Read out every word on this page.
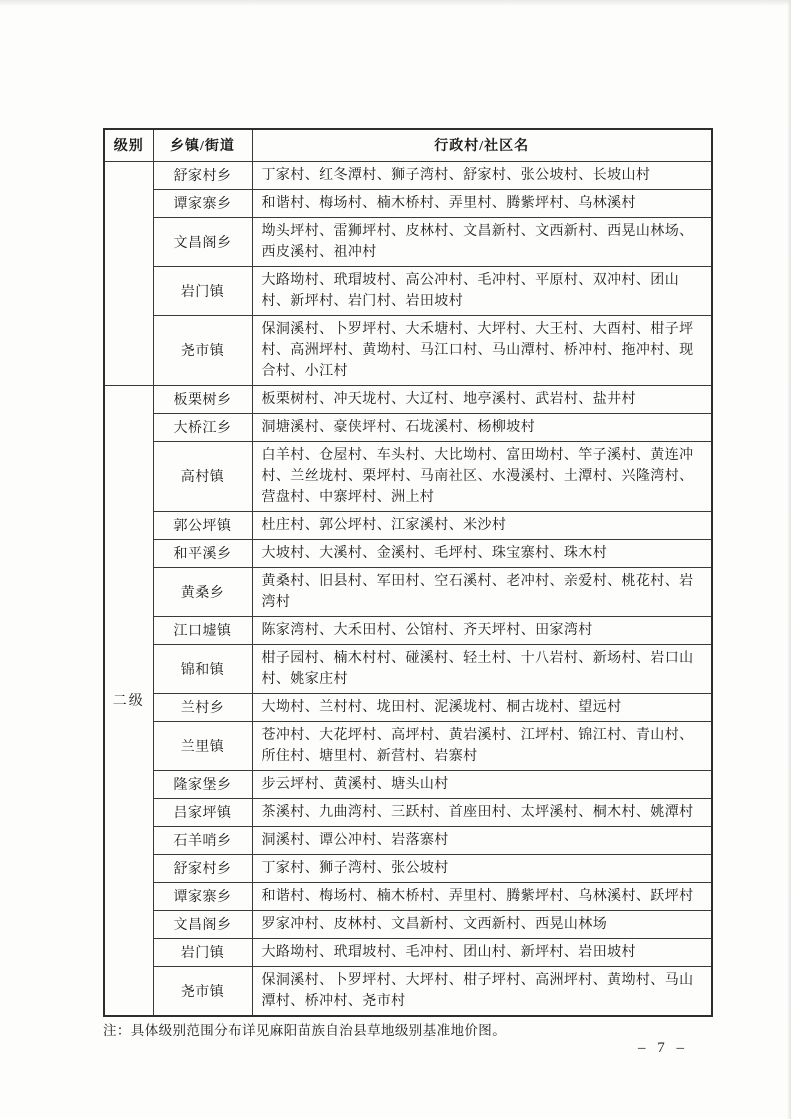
级别	乡镇/街道	行政村/社区名
	舒家村乡	丁家村、红冬潭村、狮子湾村、舒家村、张公坡村、长坡山村
	谭家寨乡	和谐村、梅场村、楠木桥村、弄里村、腾紫坪村、乌林溪村
	文昌阁乡	坳头坪村、雷狮坪村、皮林村、文昌新村、文西新村、西晃山林场、西皮溪村、祖冲村
	岩门镇	大路坳村、玳瑁坡村、高公冲村、毛冲村、平原村、双冲村、团山村、新坪村、岩门村、岩田坡村
	尧市镇	保洞溪村、卜罗坪村、大禾塘村、大坪村、大王村、大酉村、柑子坪村、高洲坪村、黄坳村、马江口村、马山潭村、桥冲村、拖冲村、现合村、小江村
二级	板栗树乡	板栗树村、冲天垅村、大辽村、地亭溪村、武岩村、盐井村
	大桥江乡	洞塘溪村、豪侠坪村、石垅溪村、杨柳坡村
	高村镇	白羊村、仓屋村、车头村、大比坳村、富田坳村、竿子溪村、黄连冲村、兰丝垅村、栗坪村、马南社区、水漫溪村、土潭村、兴隆湾村、营盘村、中寨坪村、洲上村
	郭公坪镇	杜庄村、郭公坪村、江家溪村、米沙村
	和平溪乡	大坡村、大溪村、金溪村、毛坪村、珠宝寨村、珠木村
	黄桑乡	黄桑村、旧县村、军田村、空石溪村、老冲村、亲爱村、桃花村、岩湾村
	江口墟镇	陈家湾村、大禾田村、公馆村、齐天坪村、田家湾村
	锦和镇	柑子园村、楠木村村、碰溪村、轻土村、十八岩村、新场村、岩口山村、姚家庄村
	兰村乡	大坳村、兰村村、垅田村、泥溪垅村、桐古垅村、望远村
	兰里镇	苍冲村、大花坪村、高坪村、黄岩溪村、江坪村、锦江村、青山村、所住村、塘里村、新营村、岩寨村
	隆家堡乡	步云坪村、黄溪村、塘头山村
	吕家坪镇	茶溪村、九曲湾村、三跃村、首座田村、太坪溪村、桐木村、姚潭村
	石羊哨乡	洞溪村、谭公冲村、岩落寨村
	舒家村乡	丁家村、狮子湾村、张公坡村
	谭家寨乡	和谐村、梅场村、楠木桥村、弄里村、腾紫坪村、乌林溪村、跃坪村
	文昌阁乡	罗家冲村、皮林村、文昌新村、文西新村、西晃山林场
	岩门镇	大路坳村、玳瑁坡村、毛冲村、团山村、新坪村、岩田坡村
	尧市镇	保洞溪村、卜罗坪村、大坪村、柑子坪村、高洲坪村、黄坳村、马山潭村、桥冲村、尧市村
注：具体级别范围分布详见麻阳苗族自治县草地级别基准地价图。
– 7 –
